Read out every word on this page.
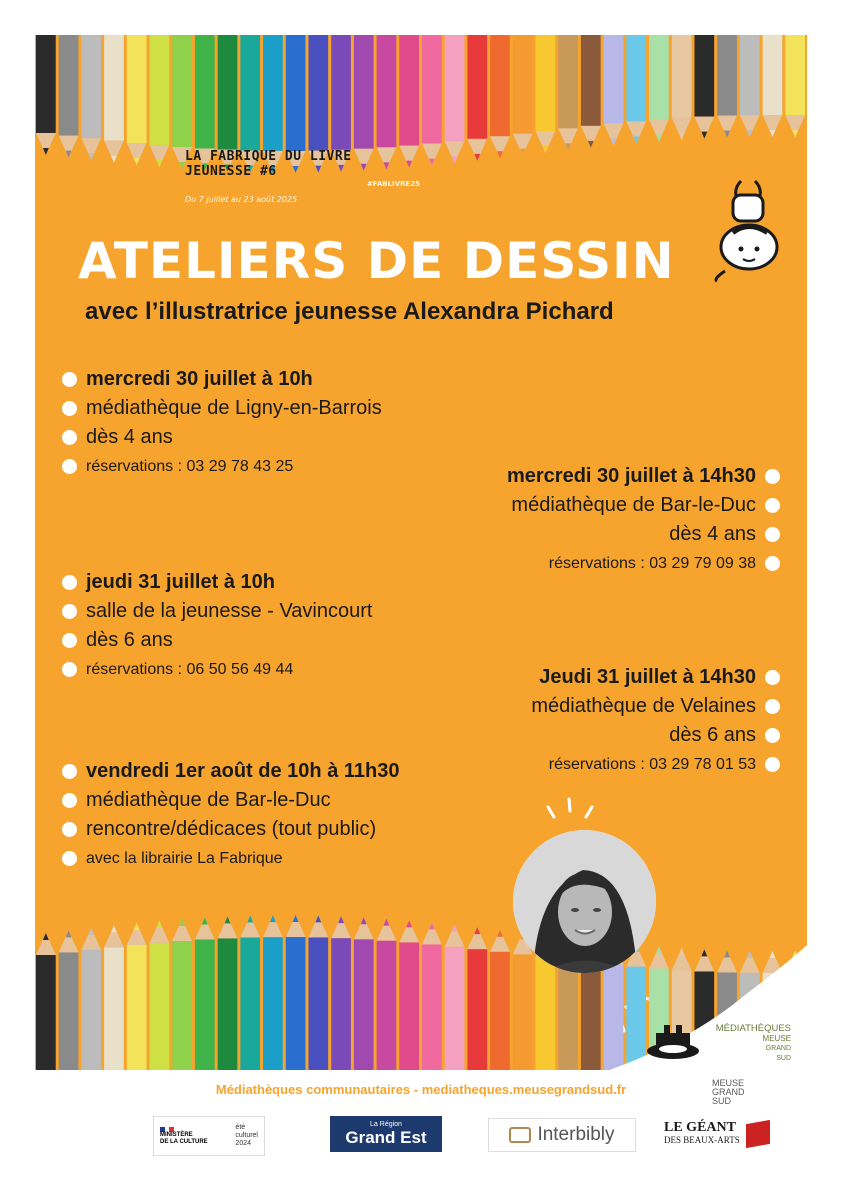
LA FABRIQUE DU LIVRE
JEUNESSE #6
Du 7 juillet au 23 août 2025
#FABLIVRE25
ATELIERS DE DESSIN
avec l’illustratrice jeunesse Alexandra Pichard
mercredi 30 juillet à 10h
médiathèque de Ligny-en-Barrois
dès 4 ans
réservations : 03 29 78 43 25	mercredi 30 juillet à 14h30
médiathèque de Bar-le-Duc
dès 4 ans
réservations : 03 29 79 09 38
jeudi 31 juillet à 10h
salle de la jeunesse - Vavincourt
dès 6 ans
réservations : 06 50 56 49 44	Jeudi 31 juillet à 14h30
médiathèque de Velaines
dès 6 ans
réservations : 03 29 78 01 53
vendredi 1er août de 10h à 11h30
médiathèque de Bar-le-Duc
rencontre/dédicaces (tout public)
avec la librairie La Fabrique
MÉDIATHÈQUES
MEUSE
GRAND
SUD
Médiathèques communautaires - mediatheques.meusegrandsud.fr	MEUSE
GRAND
SUD
MINISTÈRE
DE LA CULTURE
été
culturel
2024
La Région
Grand Est	Interbibly	LE GÉANT
DES BEAUX-ARTS
